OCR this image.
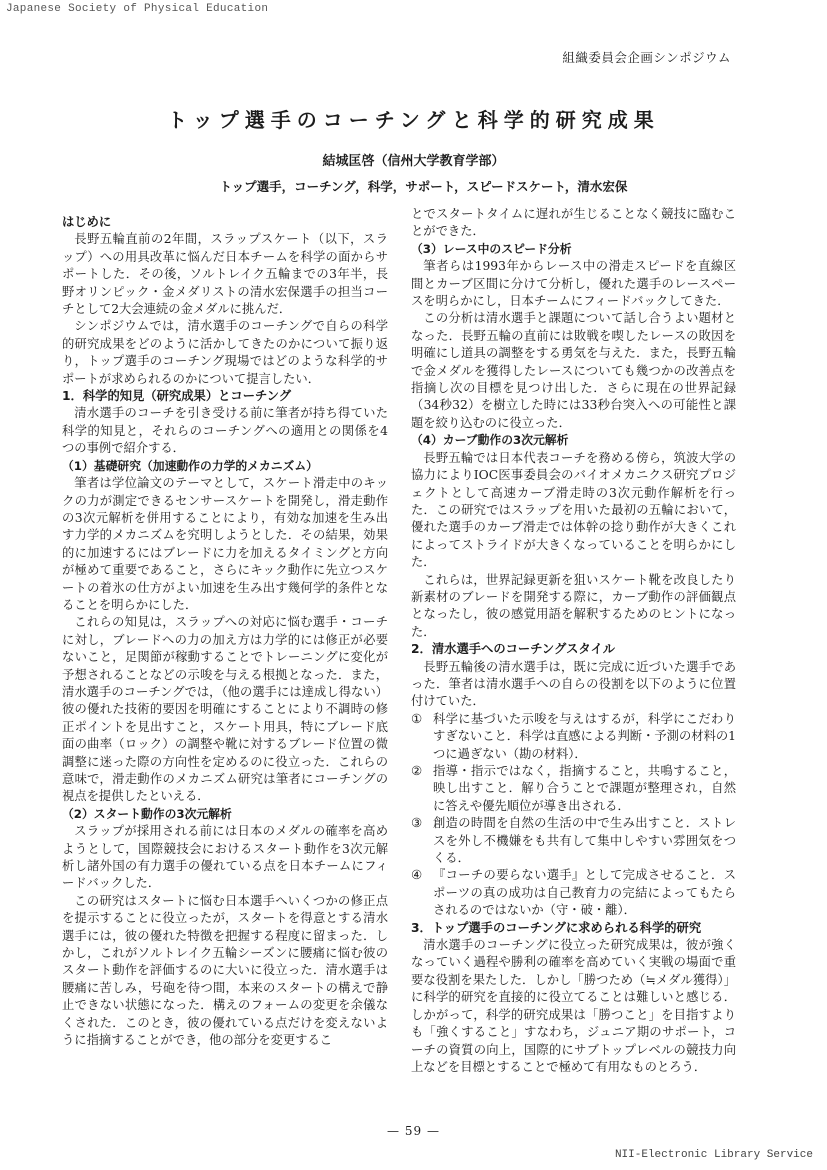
Japanese Society of Physical Education
組織委員会企画シンポジウム
トップ選手のコーチングと科学的研究成果
結城匡啓（信州大学教育学部）
トップ選手，コーチング，科学，サポート，スピードスケート，清水宏保
はじめに

長野五輪直前の2年間，スラップスケート（以下，スラップ）への用具改革に悩んだ日本チームを科学の面からサポートした．その後，ソルトレイク五輪までの3年半，長野オリンピック・金メダリストの清水宏保選手の担当コーチとして2大会連続の金メダルに挑んだ．

シンポジウムでは，清水選手のコーチングで自らの科学的研究成果をどのように活かしてきたのかについて振り返り，トップ選手のコーチング現場ではどのような科学的サポートが求められるのかについて提言したい．

1．科学的知見（研究成果）とコーチング

清水選手のコーチを引き受ける前に筆者が持ち得ていた科学的知見と，それらのコーチングへの適用との関係を4つの事例で紹介する．

（1）基礎研究（加速動作の力学的メカニズム）

筆者は学位論文のテーマとして，スケート滑走中のキックの力が測定できるセンサースケートを開発し，滑走動作の3次元解析を併用することにより，有効な加速を生み出す力学的メカニズムを究明しようとした．その結果，効果的に加速するにはブレードに力を加えるタイミングと方向が極めて重要であること，さらにキック動作に先立つスケートの着氷の仕方がよい加速を生み出す幾何学的条件となることを明らかにした．

これらの知見は，スラップへの対応に悩む選手・コーチに対し，ブレードへの力の加え方は力学的には修正が必要ないこと，足関節が稼動することでトレーニングに変化が予想されることなどの示唆を与える根拠となった．また，清水選手のコーチングでは，（他の選手には達成し得ない）彼の優れた技術的要因を明確にすることにより不調時の修正ポイントを見出すこと，スケート用具，特にブレード底面の曲率（ロック）の調整や靴に対するブレード位置の微調整に迷った際の方向性を定めるのに役立った．これらの意味で，滑走動作のメカニズム研究は筆者にコーチングの視点を提供したといえる．

（2）スタート動作の3次元解析

スラップが採用される前には日本のメダルの確率を高めようとして，国際競技会におけるスタート動作を3次元解析し諸外国の有力選手の優れている点を日本チームにフィードバックした．

この研究はスタートに悩む日本選手へいくつかの修正点を提示することに役立ったが，スタートを得意とする清水選手には，彼の優れた特徴を把握する程度に留まった．しかし，これがソルトレイク五輪シーズンに腰痛に悩む彼のスタート動作を評価するのに大いに役立った．清水選手は腰痛に苦しみ，号砲を待つ間，本来のスタートの構えで静止できない状態になった．構えのフォームの変更を余儀なくされた．このとき，彼の優れている点だけを変えないように指摘することができ，他の部分を変更するこ

とでスタートタイムに遅れが生じることなく競技に臨むことができた．

（3）レース中のスピード分析

筆者らは1993年からレース中の滑走スピードを直線区間とカーブ区間に分けて分析し，優れた選手のレースペースを明らかにし，日本チームにフィードバックしてきた．

この分析は清水選手と課題について話し合うよい題材となった．長野五輪の直前には敗戦を喫したレースの敗因を明確にし道具の調整をする勇気を与えた．また，長野五輪で金メダルを獲得したレースについても幾つかの改善点を指摘し次の目標を見つけ出した．さらに現在の世界記録（34秒32）を樹立した時には33秒台突入への可能性と課題を絞り込むのに役立った．

（4）カーブ動作の3次元解析

長野五輪では日本代表コーチを務める傍ら，筑波大学の協力によりIOC医事委員会のバイオメカニクス研究プロジェクトとして高速カーブ滑走時の3次元動作解析を行った．この研究ではスラップを用いた最初の五輪において，優れた選手のカーブ滑走では体幹の捻り動作が大きくこれによってストライドが大きくなっていることを明らかにした．

これらは，世界記録更新を狙いスケート靴を改良したり新素材のブレードを開発する際に，カーブ動作の評価観点となったし，彼の感覚用語を解釈するためのヒントになった．

2．清水選手へのコーチングスタイル

長野五輪後の清水選手は，既に完成に近づいた選手であった．筆者は清水選手への自らの役割を以下のように位置付けていた．

① 科学に基づいた示唆を与えはするが，科学にこだわりすぎないこと．科学は直感による判断・予測の材料の1つに過ぎない（勘の材料）．
② 指導・指示ではなく，指摘すること，共鳴すること，映し出すこと．解り合うことで課題が整理され，自然に答えや優先順位が導き出される．
③ 創造の時間を自然の生活の中で生み出すこと．ストレスを外し不機嫌をも共有して集中しやすい雰囲気をつくる．
④ 『コーチの要らない選手』として完成させること．スポーツの真の成功は自己教育力の完結によってもたらされるのではないか（守・破・離）．
3．トップ選手のコーチングに求められる科学的研究

清水選手のコーチングに役立った研究成果は，彼が強くなっていく過程や勝利の確率を高めていく実戦の場面で重要な役割を果たした．しかし「勝つため（≒メダル獲得）」に科学的研究を直接的に役立てることは難しいと感じる．しかがって，科学的研究成果は「勝つこと」を目指すよりも「強くすること」すなわち，ジュニア期のサポート，コーチの資質の向上，国際的にサブトップレベルの競技力向上などを目標とすることで極めて有用なものとろう．

— 59 —
NII-Electronic Library Service
